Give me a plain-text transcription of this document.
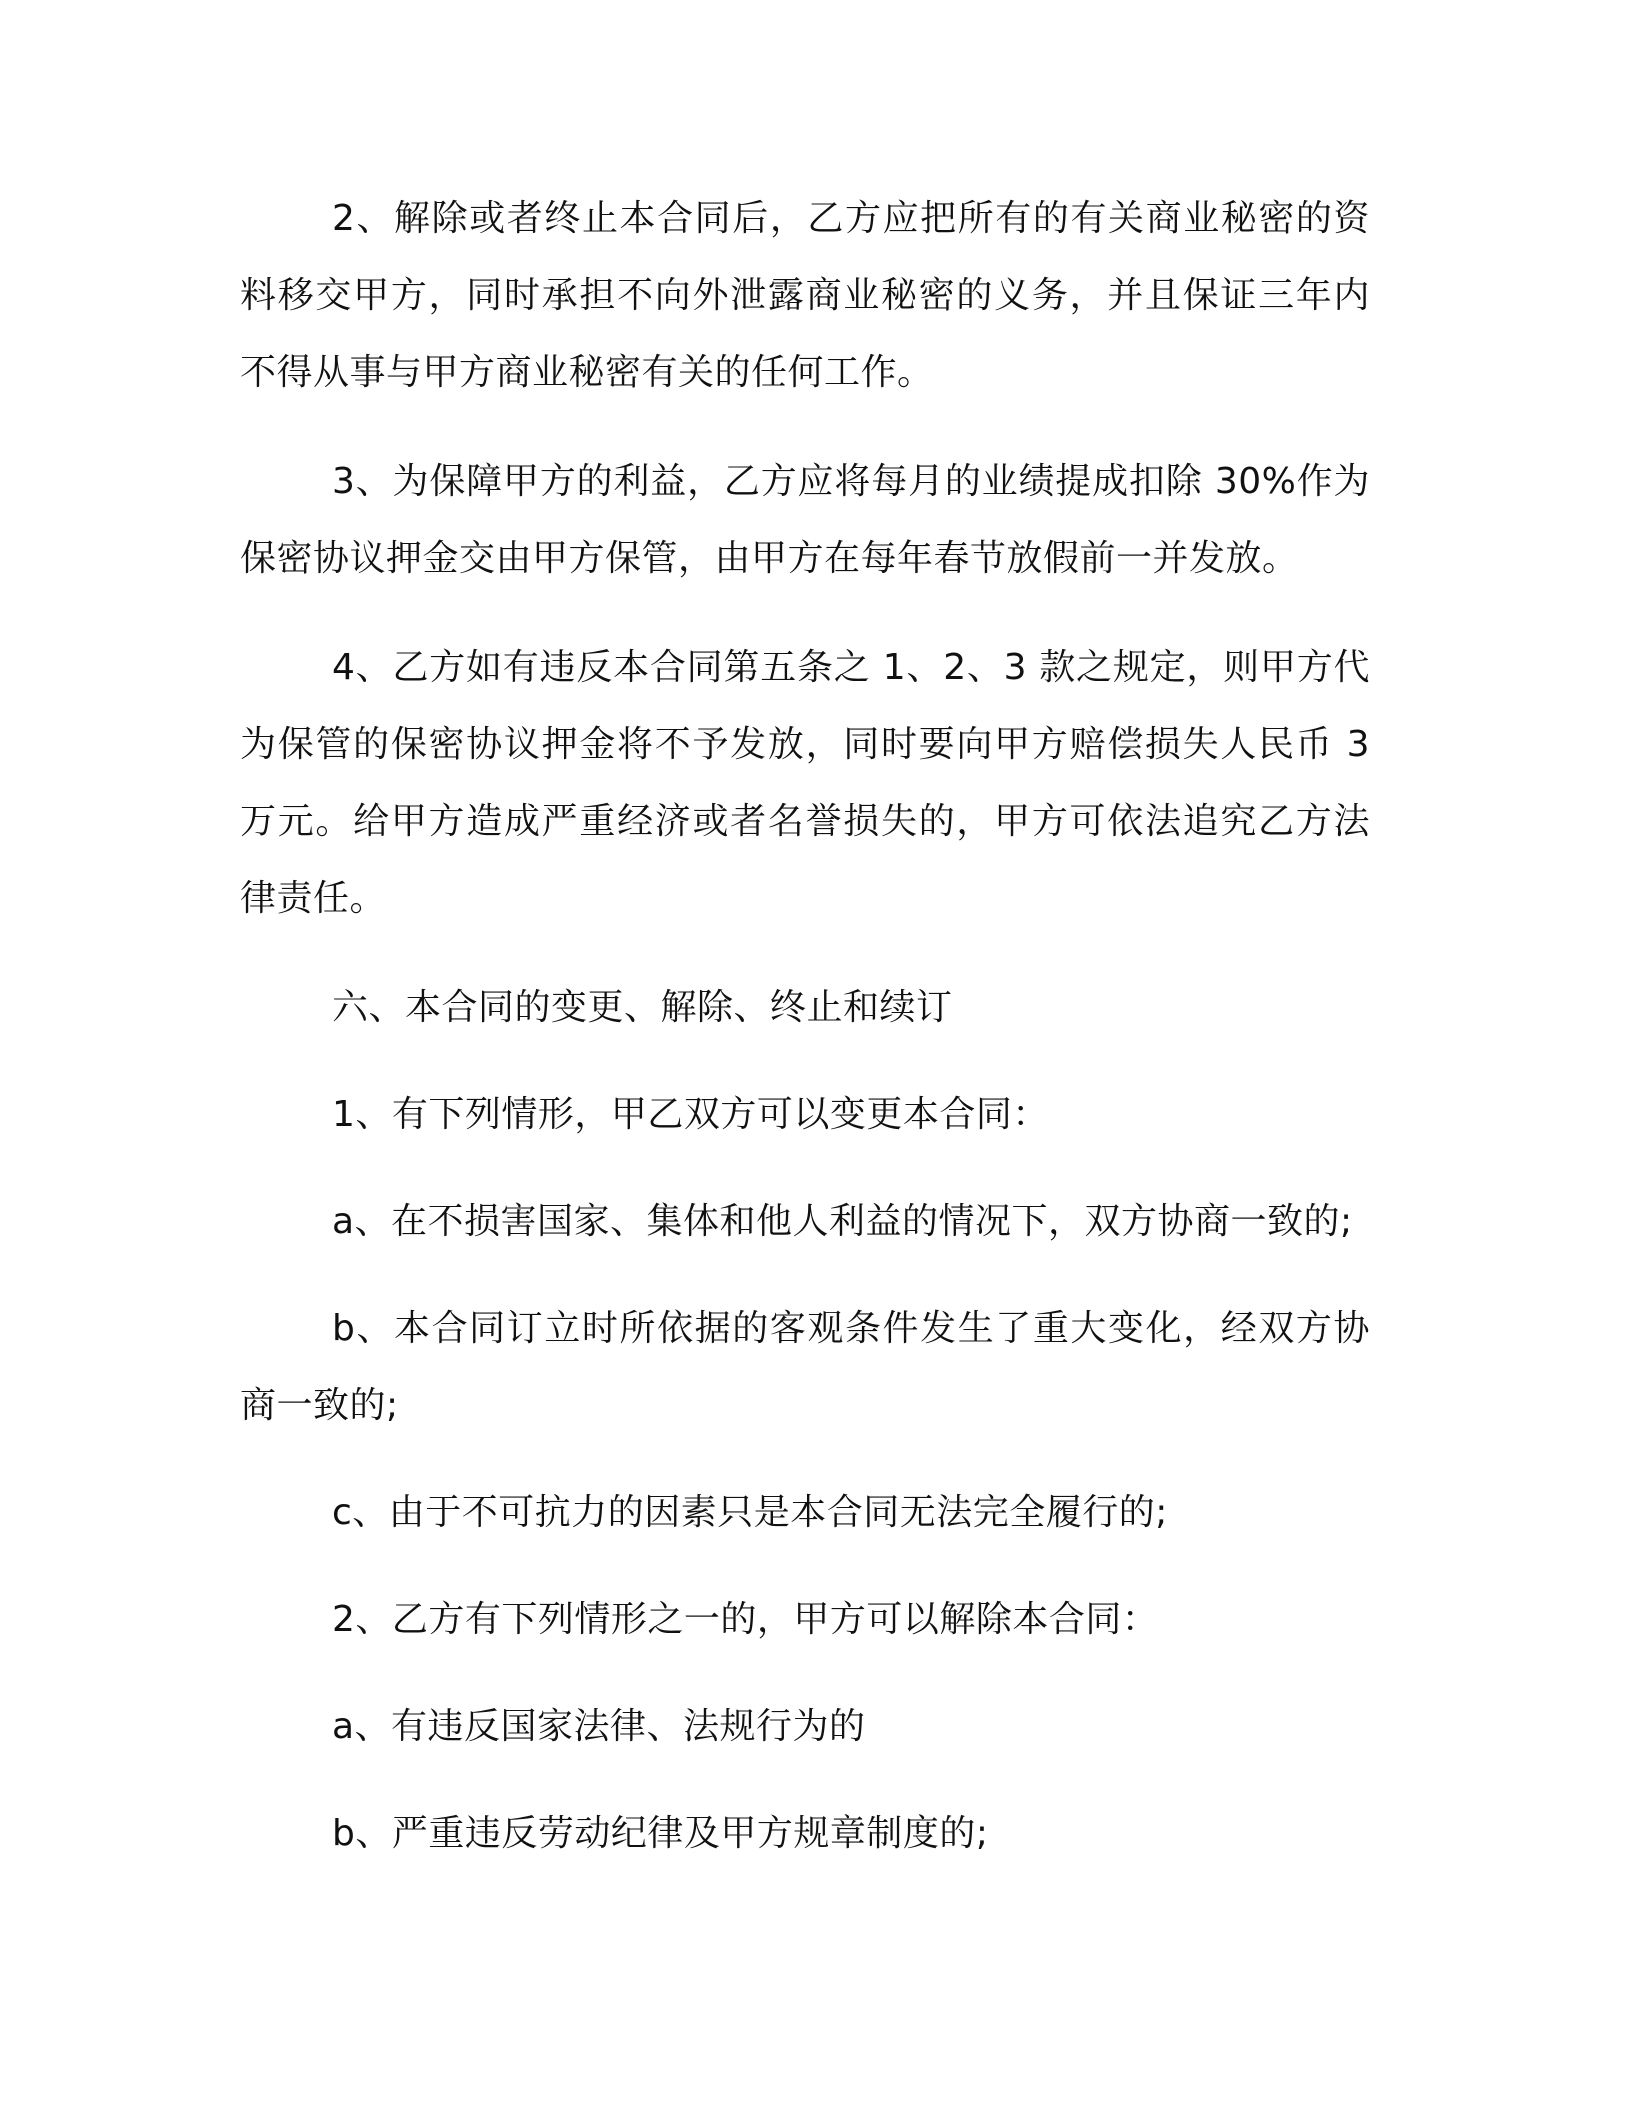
2、解除或者终止本合同后，乙方应把所有的有关商业秘密的资料移交甲方，同时承担不向外泄露商业秘密的义务，并且保证三年内不得从事与甲方商业秘密有关的任何工作。

3、为保障甲方的利益，乙方应将每月的业绩提成扣除 30%作为保密协议押金交由甲方保管，由甲方在每年春节放假前一并发放。

4、乙方如有违反本合同第五条之 1、2、3 款之规定，则甲方代为保管的保密协议押金将不予发放，同时要向甲方赔偿损失人民币 3 万元。给甲方造成严重经济或者名誉损失的，甲方可依法追究乙方法律责任。

六、本合同的变更、解除、终止和续订

1、有下列情形，甲乙双方可以变更本合同：

a、在不损害国家、集体和他人利益的情况下，双方协商一致的;

b、本合同订立时所依据的客观条件发生了重大变化，经双方协商一致的;

c、由于不可抗力的因素只是本合同无法完全履行的;

2、乙方有下列情形之一的，甲方可以解除本合同：

a、有违反国家法律、法规行为的

b、严重违反劳动纪律及甲方规章制度的;
